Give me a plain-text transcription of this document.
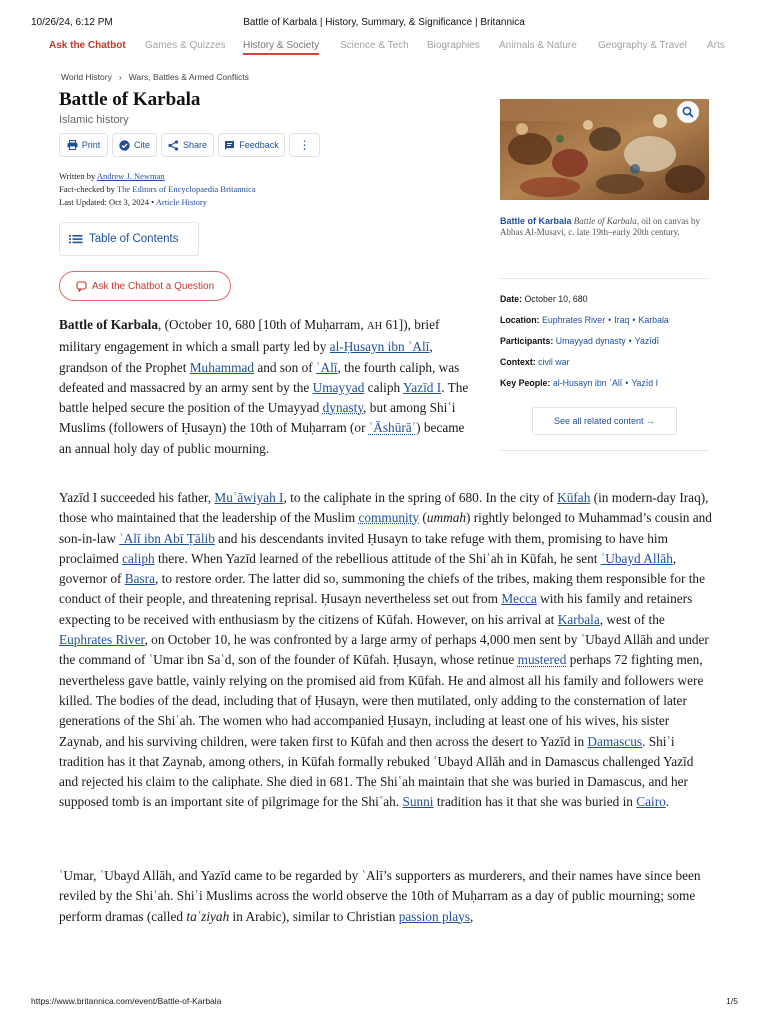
10/26/24, 6:12 PM	Battle of Karbala | History, Summary, & Significance | Britannica
Ask the Chatbot Games & Quizzes History & Society Science & Tech Biographies Animals & Nature Geography & Travel Arts
World History › Wars, Battles & Armed Conflicts
Battle of Karbala
Islamic history
Print	Cite	Share	Feedback ⋮
Written by Andrew J. Newman
Fact-checked by The Editors of Encyclopaedia Britannica
Last Updated: Oct 3, 2024 • Article History
Table of Contents
Ask the Chatbot a Question
Battle of Karbala Battle of Karbala, oil on canvas by Abbas Al-Musavi, c. late 19th–early 20th century.
Date: October 10, 680
Location: Euphrates River • Iraq • Karbala
Participants: Umayyad dynasty • Yazīdī
Context: civil war
Key People: al-Ḥusayn ibn ʿAlī • Yazīd I
See all related content →

Battle of Karbala, (October 10, 680 [10th of Muḥarram, AH 61]), brief military engagement in which a small party led by al-Ḥusayn ibn ʿAlī, grandson of the Prophet Muhammad and son of ʿAlī, the fourth caliph, was defeated and massacred by an army sent by the Umayyad caliph Yazīd I. The battle helped secure the position of the Umayyad dynasty, but among Shiʿi Muslims (followers of Ḥusayn) the 10th of Muḥarram (or ʿĀshūrāʾ) became an annual holy day of public mourning.

Yazīd I succeeded his father, Muʿāwiyah I, to the caliphate in the spring of 680. In the city of Kūfah (in modern-day Iraq), those who maintained that the leadership of the Muslim community (ummah) rightly belonged to Muhammad’s cousin and son-in-law ʿAlī ibn Abī Ṭālib and his descendants invited Ḥusayn to take refuge with them, promising to have him proclaimed caliph there. When Yazīd learned of the rebellious attitude of the Shiʿah in Kūfah, he sent ʿUbayd Allāh, governor of Basra, to restore order. The latter did so, summoning the chiefs of the tribes, making them responsible for the conduct of their people, and threatening reprisal. Ḥusayn nevertheless set out from Mecca with his family and retainers expecting to be received with enthusiasm by the citizens of Kūfah. However, on his arrival at Karbala, west of the Euphrates River, on October 10, he was confronted by a large army of perhaps 4,000 men sent by ʿUbayd Allāh and under the command of ʿUmar ibn Saʿd, son of the founder of Kūfah. Ḥusayn, whose retinue mustered perhaps 72 fighting men, nevertheless gave battle, vainly relying on the promised aid from Kūfah. He and almost all his family and followers were killed. The bodies of the dead, including that of Ḥusayn, were then mutilated, only adding to the consternation of later generations of the Shiʿah. The women who had accompanied Ḥusayn, including at least one of his wives, his sister Zaynab, and his surviving children, were taken first to Kūfah and then across the desert to Yazīd in Damascus. Shiʿi tradition has it that Zaynab, among others, in Kūfah formally rebuked ʿUbayd Allāh and in Damascus challenged Yazīd and rejected his claim to the caliphate. She died in 681. The Shiʿah maintain that she was buried in Damascus, and her supposed tomb is an important site of pilgrimage for the Shiʿah. Sunni tradition has it that she was buried in Cairo.

ʿUmar, ʿUbayd Allāh, and Yazīd came to be regarded by ʿAlī’s supporters as murderers, and their names have since been reviled by the Shiʿah. Shiʿi Muslims across the world observe the 10th of Muḥarram as a day of public mourning; some perform dramas (called taʿziyah in Arabic), similar to Christian passion plays,

https://www.britannica.com/event/Battle-of-Karbala	1/5
